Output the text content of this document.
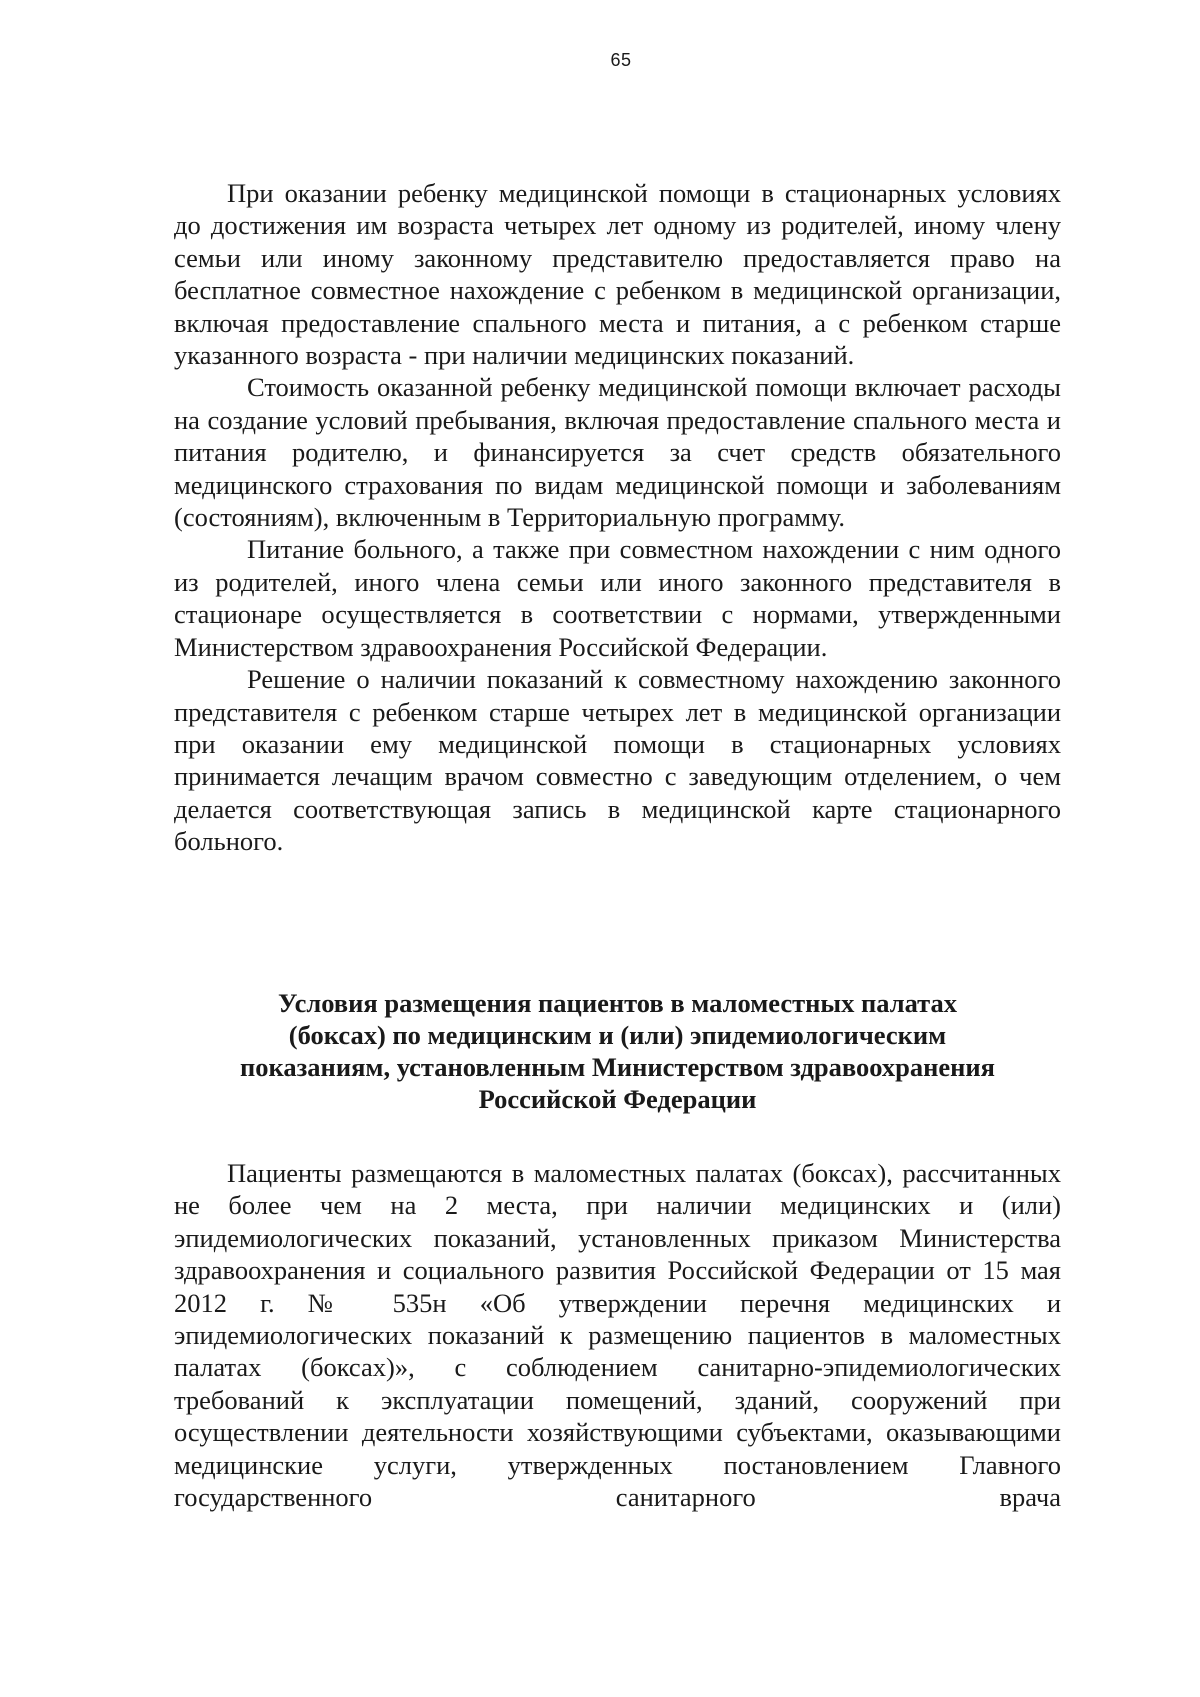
65

При оказании ребенку медицинской помощи в стационарных условиях до достижения им возраста четырех лет одному из родителей, иному члену семьи или иному законному представителю предоставляется право на бесплатное совместное нахождение с ребенком в медицинской организации, включая предоставление спального места и питания, а с ребенком старше указанного возраста - при наличии медицинских показаний.

Стоимость оказанной ребенку медицинской помощи включает расходы на создание условий пребывания, включая предоставление спального места и питания родителю, и финансируется за счет средств обязательного медицинского страхования по видам медицинской помощи и заболеваниям (состояниям), включенным в Территориальную программу.

Питание больного, а также при совместном нахождении с ним одного из родителей, иного члена семьи или иного законного представителя в стационаре осуществляется в соответствии с нормами, утвержденными Министерством здравоохранения Российской Федерации.

Решение о наличии показаний к совместному нахождению законного представителя с ребенком старше четырех лет в медицинской организации при оказании ему медицинской помощи в стационарных условиях принимается лечащим врачом совместно с заведующим отделением, о чем делается соответствующая запись в медицинской карте стационарного больного.

Условия размещения пациентов в маломестных палатах
(боксах) по медицинским и (или) эпидемиологическим
показаниям, установленным Министерством здравоохранения
Российской Федерации

Пациенты размещаются в маломестных палатах (боксах), рассчитанных не более чем на 2 места, при наличии медицинских и (или) эпидемиологических показаний, установленных приказом Министерства здравоохранения и социального развития Российской Федерации от 15 мая 2012 г. № 535н «Об утверждении перечня медицинских и эпидемиологических показаний к размещению пациентов в маломестных палатах (боксах)», с соблюдением санитарно-эпидемиологических требований к эксплуатации помещений, зданий, сооружений при осуществлении деятельности хозяйствующими субъектами, оказывающими медицинские услуги, утвержденных постановлением Главного государственного санитарного врача
